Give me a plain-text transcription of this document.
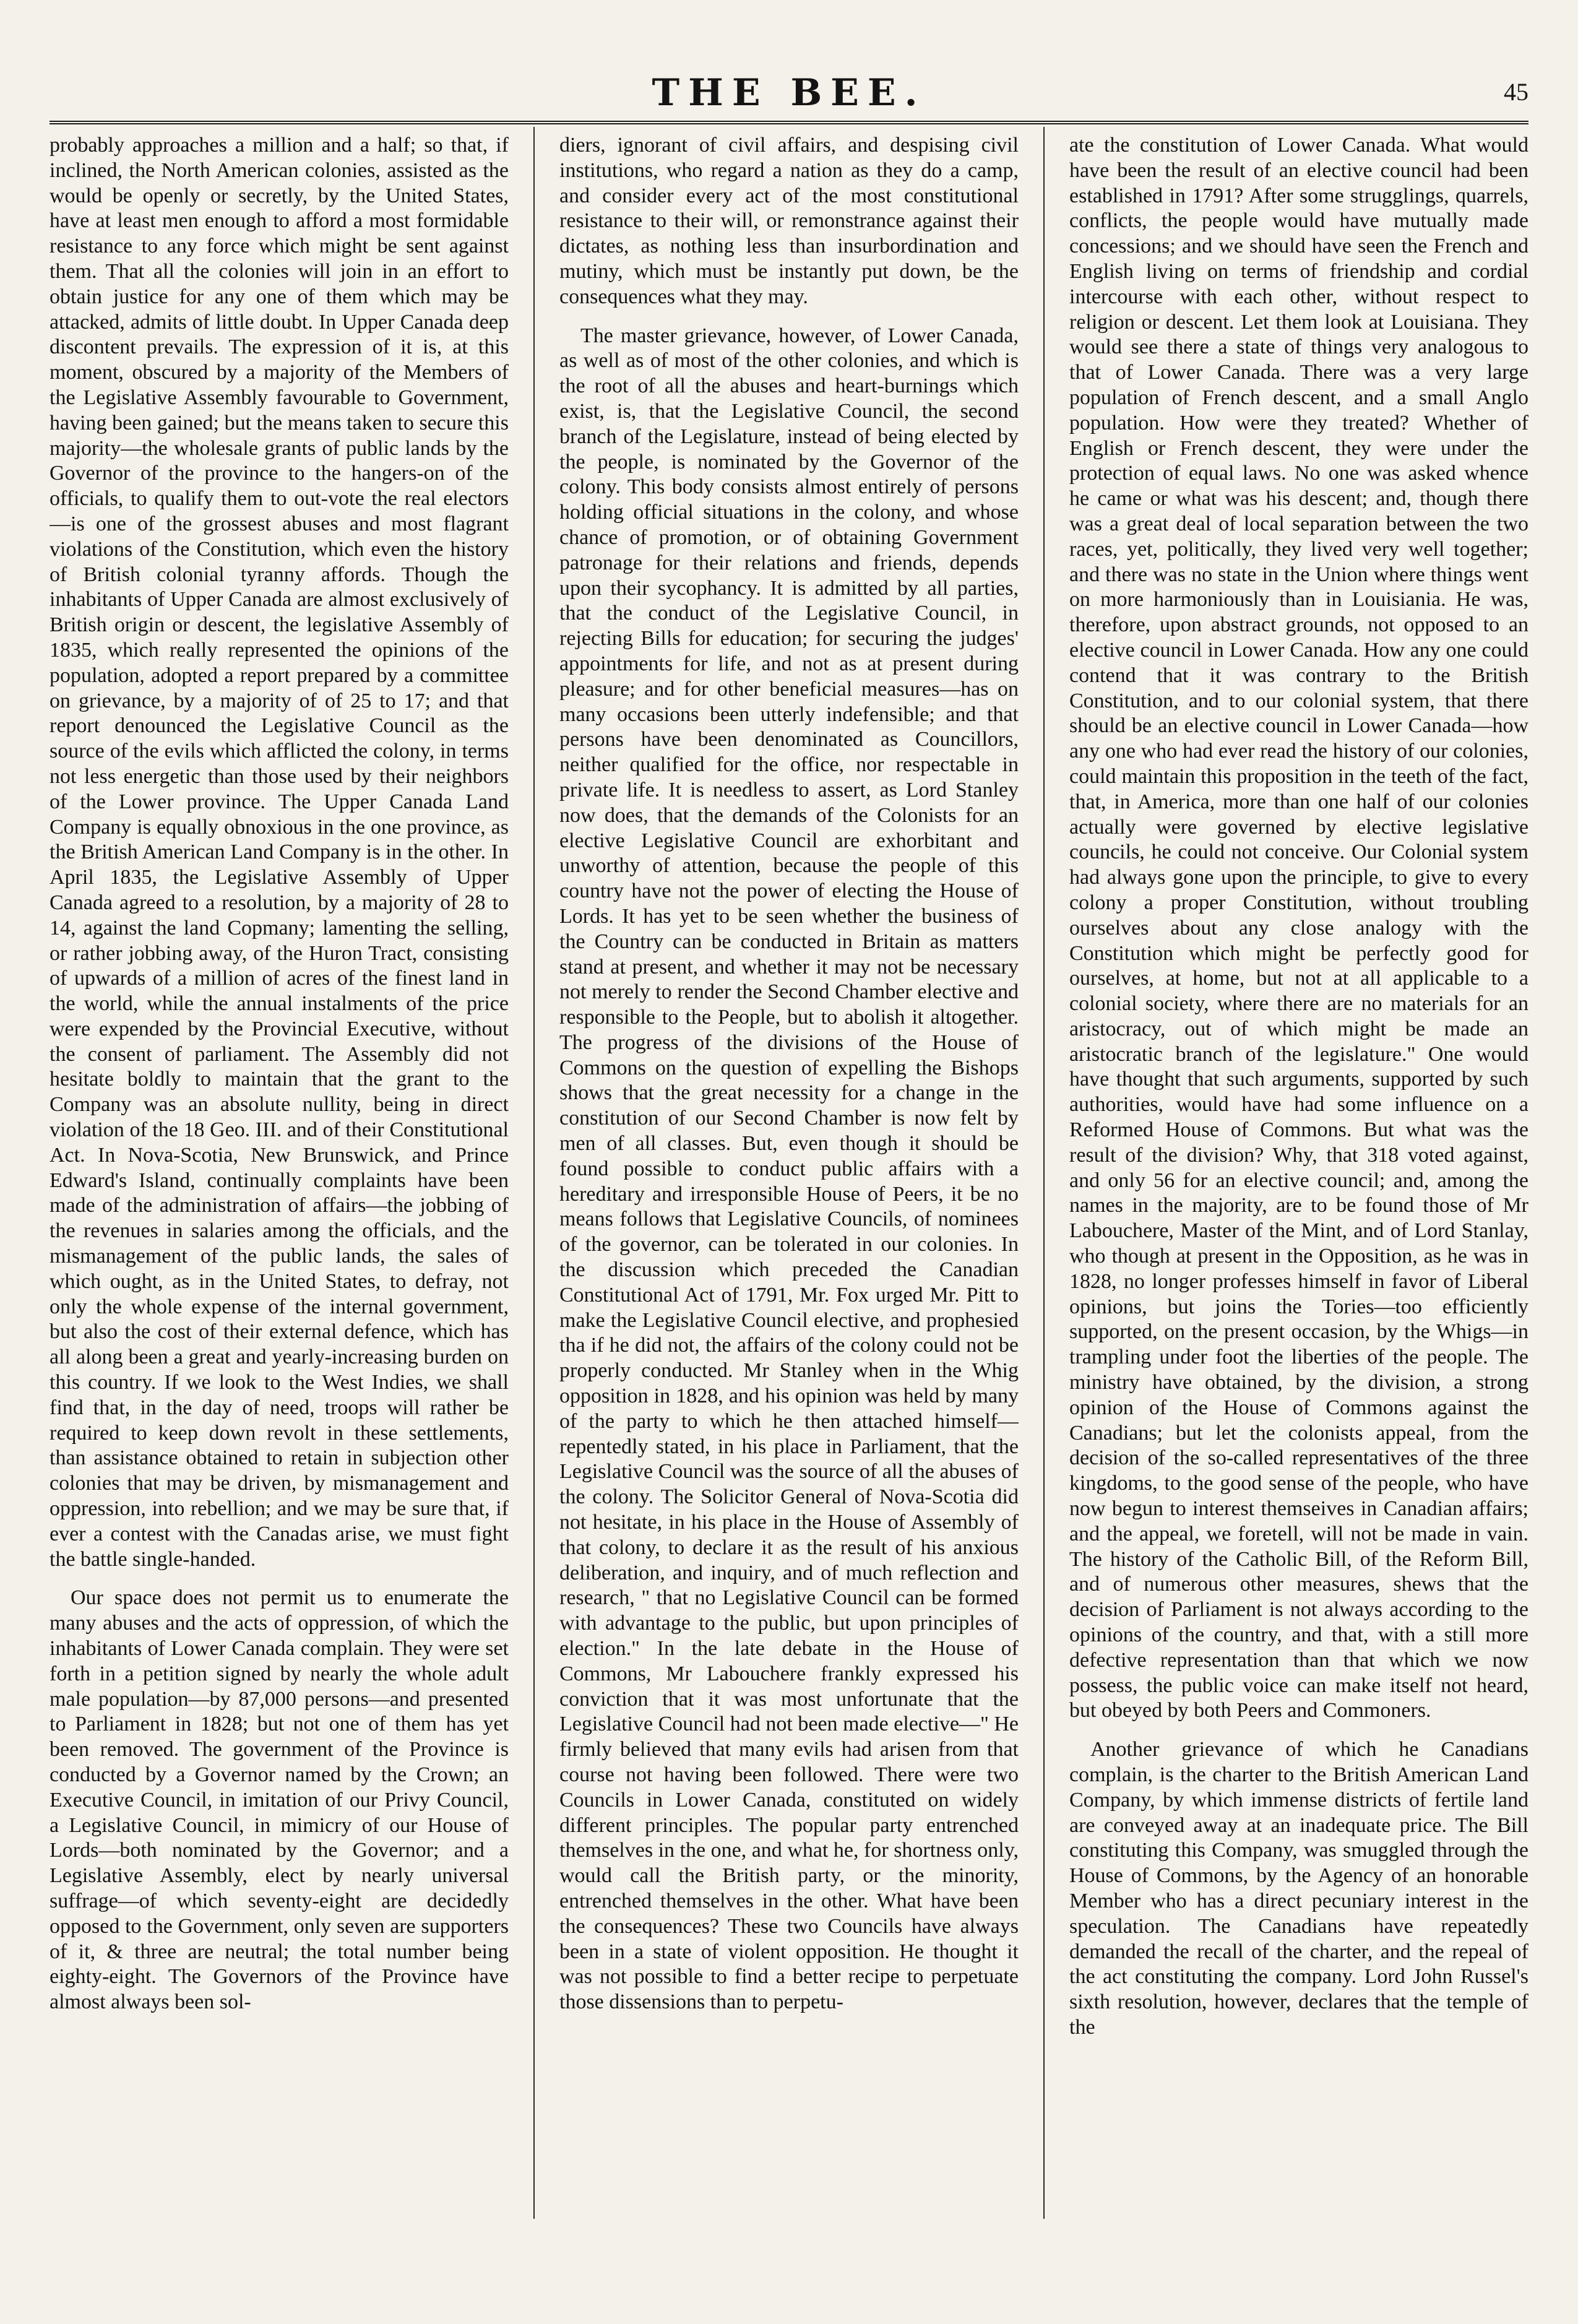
THE BEE.	45

probably approaches a million and a half; so that, if inclined, the North American colonies, assisted as the would be openly or secretly, by the United States, have at least men enough to afford a most formidable resistance to any force which might be sent against them. That all the colonies will join in an effort to obtain justice for any one of them which may be attacked, admits of little doubt. In Upper Canada deep discontent prevails. The expression of it is, at this moment, obscured by a majority of the Members of the Legislative Assembly favourable to Government, having been gained; but the means taken to secure this majority—the wholesale grants of public lands by the Governor of the province to the hangers-on of the officials, to qualify them to out-vote the real electors—is one of the grossest abuses and most flagrant violations of the Constitution, which even the history of British colonial tyranny affords. Though the inhabitants of Upper Canada are almost exclusively of British origin or descent, the legislative Assembly of 1835, which really represented the opinions of the population, adopted a report prepared by a committee on grievance, by a majority of of 25 to 17; and that report denounced the Legislative Council as the source of the evils which afflicted the colony, in terms not less energetic than those used by their neighbors of the Lower province. The Upper Canada Land Company is equally obnoxious in the one province, as the British American Land Company is in the other. In April 1835, the Legislative Assembly of Upper Canada agreed to a resolution, by a majority of 28 to 14, against the land Copmany; lamenting the selling, or rather jobbing away, of the Huron Tract, consisting of upwards of a million of acres of the finest land in the world, while the annual instalments of the price were expended by the Provincial Executive, without the consent of parliament. The Assembly did not hesitate boldly to maintain that the grant to the Company was an absolute nullity, being in direct violation of the 18 Geo. III. and of their Constitutional Act. In Nova-Scotia, New Brunswick, and Prince Edward's Island, continually complaints have been made of the administration of affairs—the jobbing of the revenues in salaries among the officials, and the mismanagement of the public lands, the sales of which ought, as in the United States, to defray, not only the whole expense of the internal government, but also the cost of their external defence, which has all along been a great and yearly-increasing burden on this country. If we look to the West Indies, we shall find that, in the day of need, troops will rather be required to keep down revolt in these settlements, than assistance obtained to retain in subjection other colonies that may be driven, by mismanagement and oppression, into rebellion; and we may be sure that, if ever a contest with the Canadas arise, we must fight the battle single-handed.

Our space does not permit us to enumerate the many abuses and the acts of oppression, of which the inhabitants of Lower Canada complain. They were set forth in a petition signed by nearly the whole adult male population—by 87,000 persons—and presented to Parliament in 1828; but not one of them has yet been removed. The government of the Province is conducted by a Governor named by the Crown; an Executive Council, in imitation of our Privy Council, a Legislative Council, in mimicry of our House of Lords—both nominated by the Governor; and a Legislative Assembly, elect by nearly universal suffrage—of which seventy-eight are decidedly opposed to the Government, only seven are supporters of it, & three are neutral; the total number being eighty-eight. The Governors of the Province have almost always been sol-

diers, ignorant of civil affairs, and despising civil institutions, who regard a nation as they do a camp, and consider every act of the most constitutional resistance to their will, or remonstrance against their dictates, as nothing less than insurbordination and mutiny, which must be instantly put down, be the consequences what they may.

The master grievance, however, of Lower Canada, as well as of most of the other colonies, and which is the root of all the abuses and heart-burnings which exist, is, that the Legislative Council, the second branch of the Legislature, instead of being elected by the people, is nominated by the Governor of the colony. This body consists almost entirely of persons holding official situations in the colony, and whose chance of promotion, or of obtaining Government patronage for their relations and friends, depends upon their sycophancy. It is admitted by all parties, that the conduct of the Legislative Council, in rejecting Bills for education; for securing the judges' appointments for life, and not as at present during pleasure; and for other beneficial measures—has on many occasions been utterly indefensible; and that persons have been denominated as Councillors, neither qualified for the office, nor respectable in private life. It is needless to assert, as Lord Stanley now does, that the demands of the Colonists for an elective Legislative Council are exhorbitant and unworthy of attention, because the people of this country have not the power of electing the House of Lords. It has yet to be seen whether the business of the Country can be conducted in Britain as matters stand at present, and whether it may not be necessary not merely to render the Second Chamber elective and responsible to the People, but to abolish it altogether. The progress of the divisions of the House of Commons on the question of expelling the Bishops shows that the great necessity for a change in the constitution of our Second Chamber is now felt by men of all classes. But, even though it should be found possible to conduct public affairs with a hereditary and irresponsible House of Peers, it be no means follows that Legislative Councils, of nominees of the governor, can be tolerated in our colonies. In the discussion which preceded the Canadian Constitutional Act of 1791, Mr. Fox urged Mr. Pitt to make the Legislative Council elective, and prophesied tha if he did not, the affairs of the colony could not be properly conducted. Mr Stanley when in the Whig opposition in 1828, and his opinion was held by many of the party to which he then attached himself—repentedly stated, in his place in Parliament, that the Legislative Council was the source of all the abuses of the colony. The Solicitor General of Nova-Scotia did not hesitate, in his place in the House of Assembly of that colony, to declare it as the result of his anxious deliberation, and inquiry, and of much reflection and research, " that no Legislative Council can be formed with advantage to the public, but upon principles of election." In the late debate in the House of Commons, Mr Labouchere frankly expressed his conviction that it was most unfortunate that the Legislative Council had not been made elective—" He firmly believed that many evils had arisen from that course not having been followed. There were two Councils in Lower Canada, constituted on widely different principles. The popular party entrenched themselves in the one, and what he, for shortness only, would call the British party, or the minority, entrenched themselves in the other. What have been the consequences? These two Councils have always been in a state of violent opposition. He thought it was not possible to find a better recipe to perpetuate those dissensions than to perpetu-

ate the constitution of Lower Canada. What would have been the result of an elective council had been established in 1791? After some strugglings, quarrels, conflicts, the people would have mutually made concessions; and we should have seen the French and English living on terms of friendship and cordial intercourse with each other, without respect to religion or descent. Let them look at Louisiana. They would see there a state of things very analogous to that of Lower Canada. There was a very large population of French descent, and a small Anglo population. How were they treated? Whether of English or French descent, they were under the protection of equal laws. No one was asked whence he came or what was his descent; and, though there was a great deal of local separation between the two races, yet, politically, they lived very well together; and there was no state in the Union where things went on more harmoniously than in Louisiania. He was, therefore, upon abstract grounds, not opposed to an elective council in Lower Canada. How any one could contend that it was contrary to the British Constitution, and to our colonial system, that there should be an elective council in Lower Canada—how any one who had ever read the history of our colonies, could maintain this proposition in the teeth of the fact, that, in America, more than one half of our colonies actually were governed by elective legislative councils, he could not conceive. Our Colonial system had always gone upon the principle, to give to every colony a proper Constitution, without troubling ourselves about any close analogy with the Constitution which might be perfectly good for ourselves, at home, but not at all applicable to a colonial society, where there are no materials for an aristocracy, out of which might be made an aristocratic branch of the legislature." One would have thought that such arguments, supported by such authorities, would have had some influence on a Reformed House of Commons. But what was the result of the division? Why, that 318 voted against, and only 56 for an elective council; and, among the names in the majority, are to be found those of Mr Labouchere, Master of the Mint, and of Lord Stanlay, who though at present in the Opposition, as he was in 1828, no longer professes himself in favor of Liberal opinions, but joins the Tories—too efficiently supported, on the present occasion, by the Whigs—in trampling under foot the liberties of the people. The ministry have obtained, by the division, a strong opinion of the House of Commons against the Canadians; but let the colonists appeal, from the decision of the so-called representatives of the three kingdoms, to the good sense of the people, who have now begun to interest themseives in Canadian affairs; and the appeal, we foretell, will not be made in vain. The history of the Catholic Bill, of the Reform Bill, and of numerous other measures, shews that the decision of Parliament is not always according to the opinions of the country, and that, with a still more defective representation than that which we now possess, the public voice can make itself not heard, but obeyed by both Peers and Commoners.

Another grievance of which he Canadians complain, is the charter to the British American Land Company, by which immense districts of fertile land are conveyed away at an inadequate price. The Bill constituting this Company, was smuggled through the House of Commons, by the Agency of an honorable Member who has a direct pecuniary interest in the speculation. The Canadians have repeatedly demanded the recall of the charter, and the repeal of the act constituting the company. Lord John Russel's sixth resolution, however, declares that the temple of the
